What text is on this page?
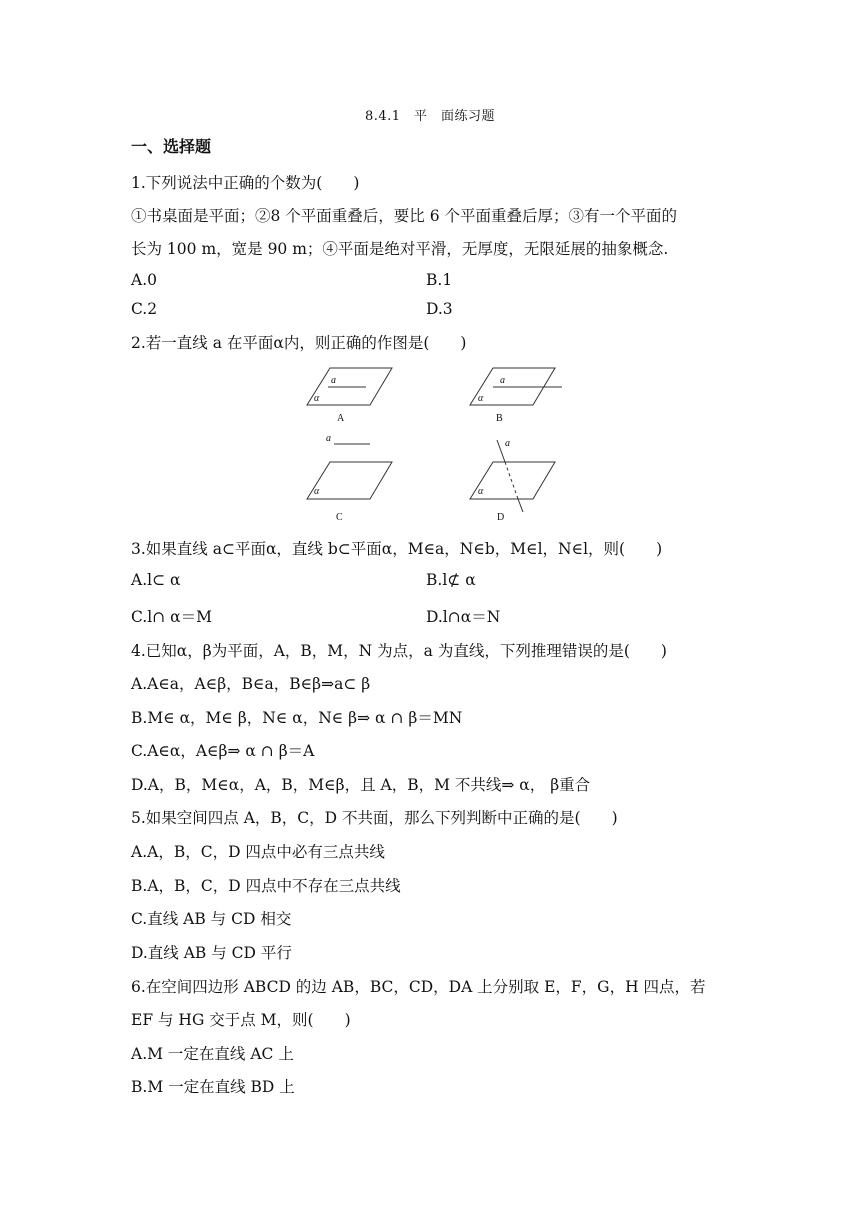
8.4.1　平　面练习题
一、选择题
1.下列说法中正确的个数为(　　)
①书桌面是平面；②8 个平面重叠后，要比 6 个平面重叠后厚；③有一个平面的
长为 100 m，宽是 90 m；④平面是绝对平滑，无厚度，无限延展的抽象概念.
A.0	B.1
C.2	D.3
2.若一直线 a 在平面α内，则正确的作图是(　　)
a
α
A
a
α
B
a
α
C
a
α
D
3.如果直线 a⊂平面α，直线 b⊂平面α，M∈a，N∈b，M∈l，N∈l，则(　　)
A.l⊂ α	B.l⊄ α
C.l∩ α＝M	D.l∩α＝N
4.已知α，β为平面，A，B，M，N 为点，a 为直线，下列推理错误的是(　　)
A.A∈a，A∈β，B∈a，B∈β⇒a⊂ β
B.M∈ α，M∈ β，N∈ α，N∈ β⇒ α ∩ β＝MN
C.A∈α，A∈β⇒ α ∩ β＝A
D.A，B，M∈α，A，B，M∈β，且 A，B，M 不共线⇒ α， β重合
5.如果空间四点 A，B，C，D 不共面，那么下列判断中正确的是(　　)
A.A，B，C，D 四点中必有三点共线
B.A，B，C，D 四点中不存在三点共线
C.直线 AB 与 CD 相交
D.直线 AB 与 CD 平行
6.在空间四边形 ABCD 的边 AB，BC，CD，DA 上分别取 E，F，G，H 四点，若
EF 与 HG 交于点 M，则(　　)
A.M 一定在直线 AC 上
B.M 一定在直线 BD 上
